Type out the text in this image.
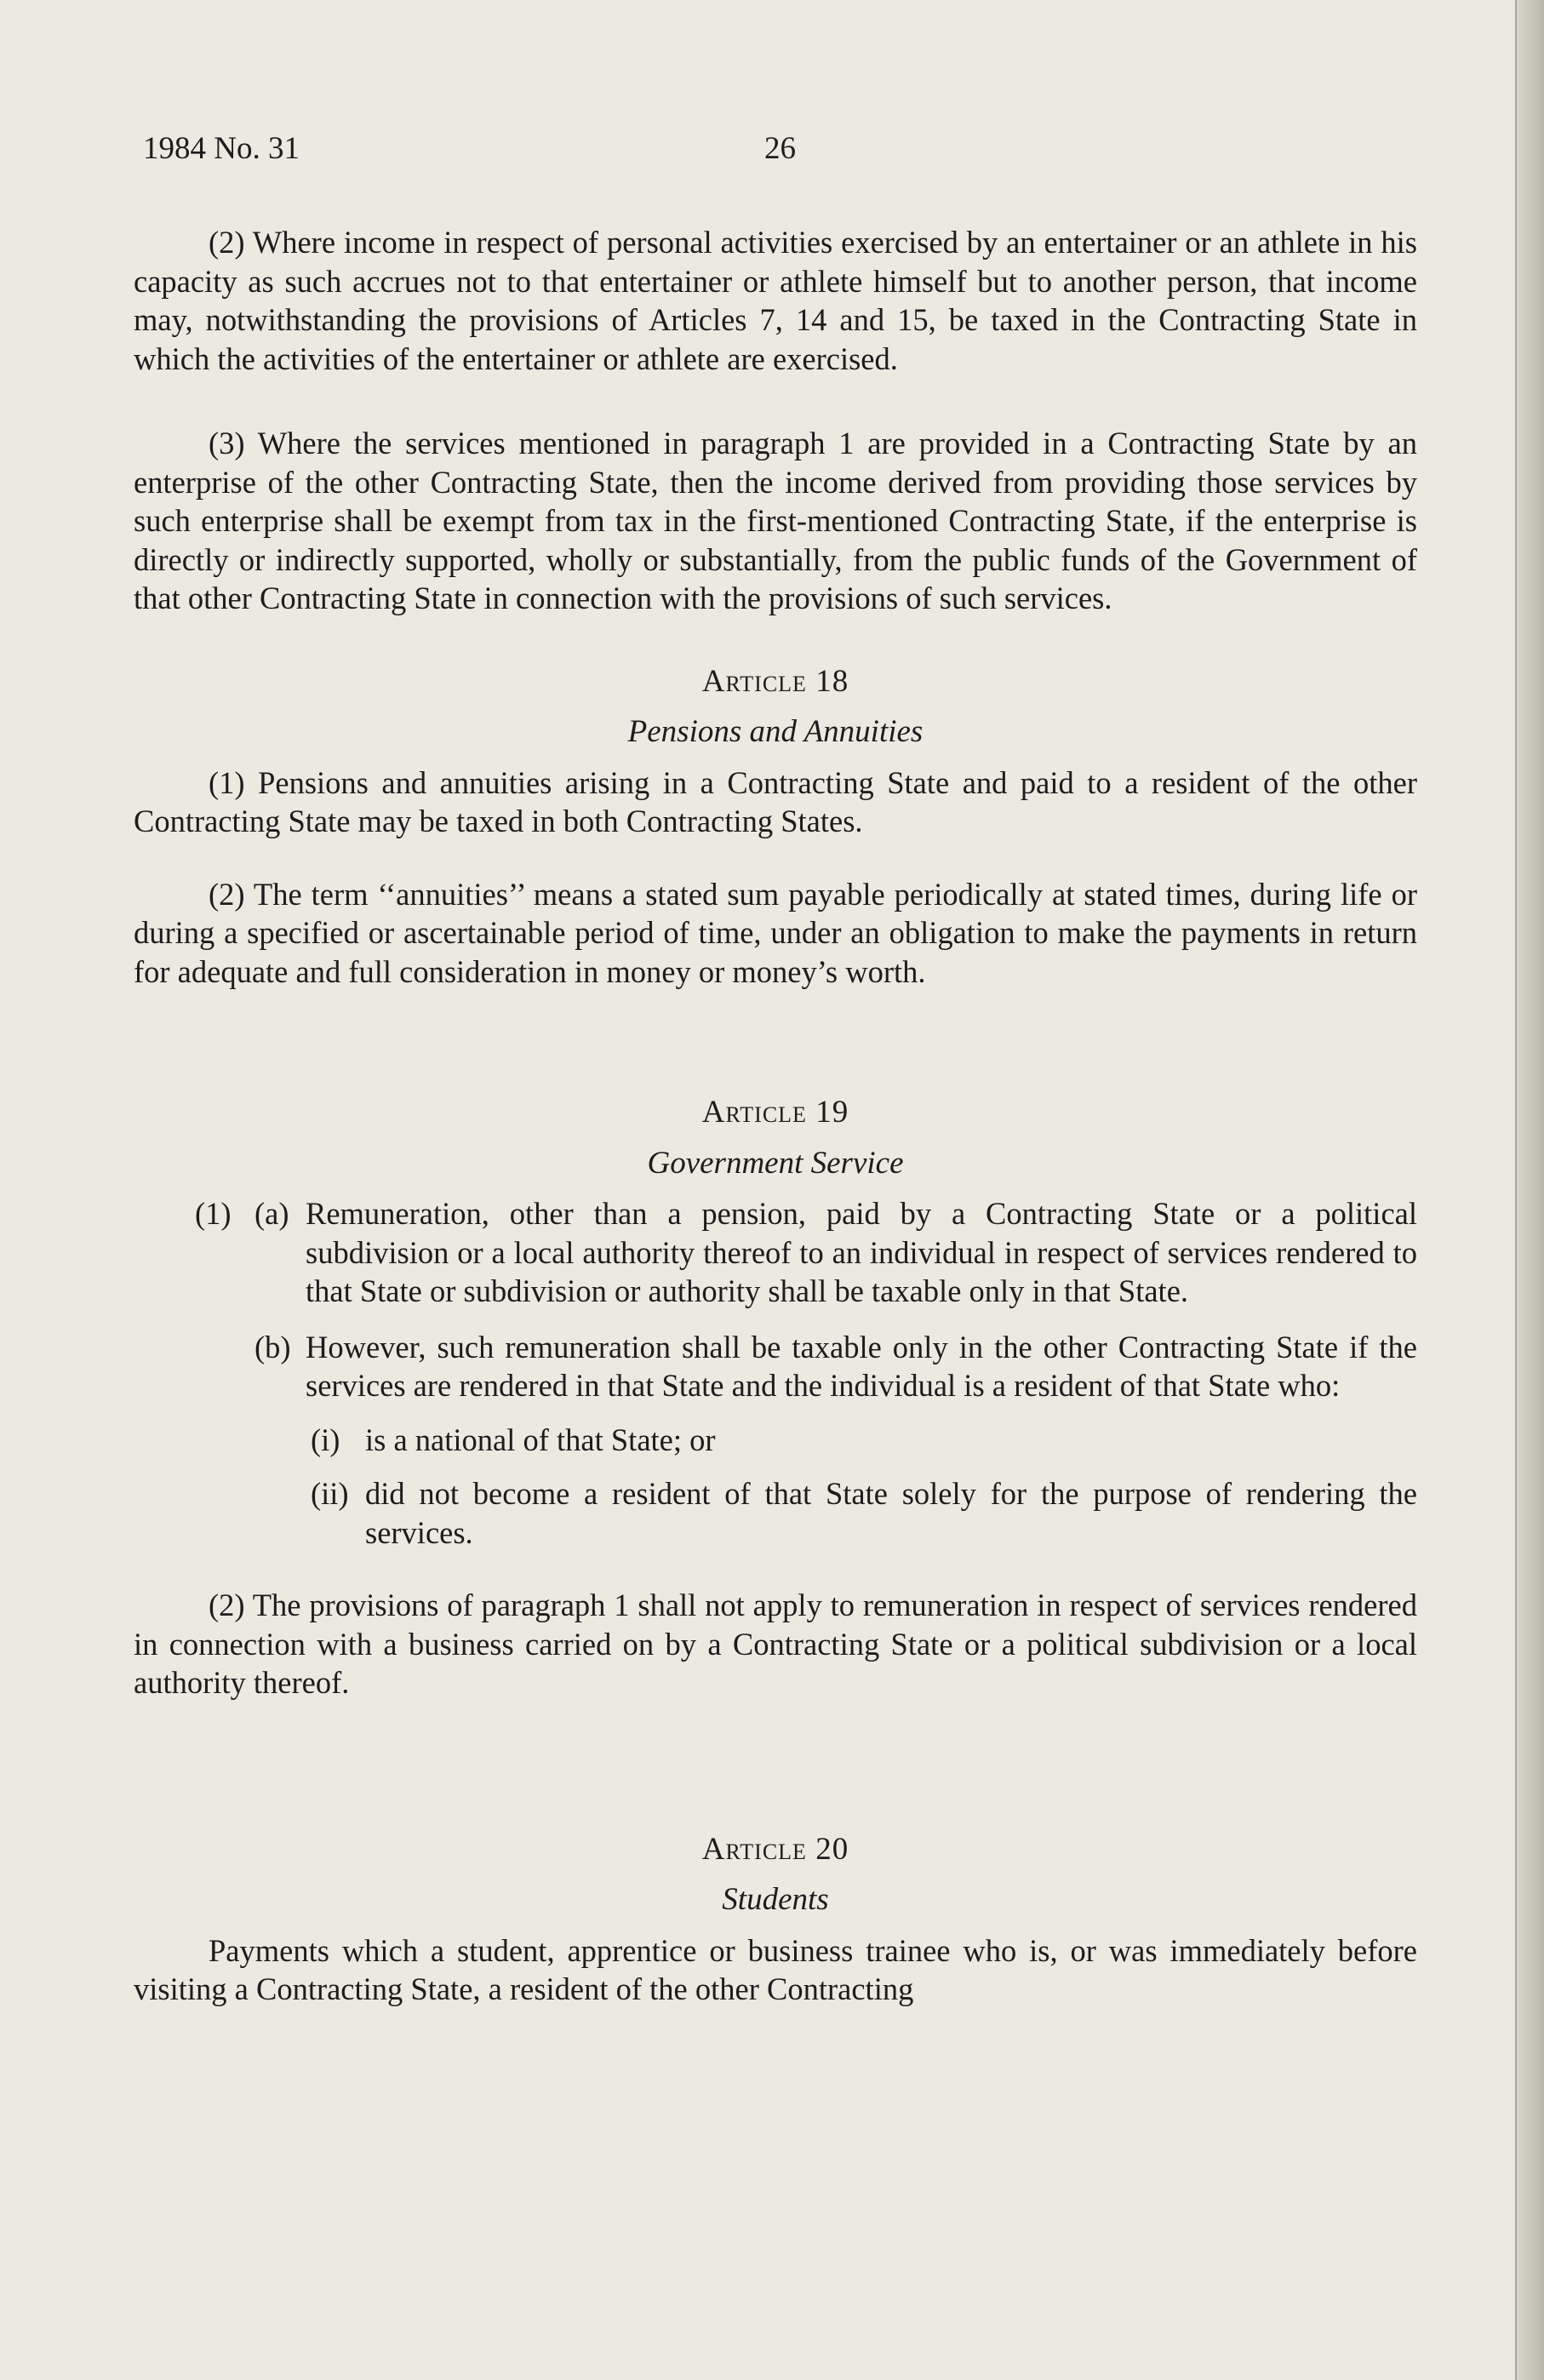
1984 No. 31	26

(2) Where income in respect of personal activities exercised by an entertainer or an athlete in his capacity as such accrues not to that entertainer or athlete himself but to another person, that income may, notwithstanding the provisions of Articles 7, 14 and 15, be taxed in the Contracting State in which the activities of the entertainer or athlete are exercised.

(3) Where the services mentioned in paragraph 1 are provided in a Contracting State by an enterprise of the other Contracting State, then the income derived from providing those services by such enterprise shall be exempt from tax in the first-mentioned Contracting State, if the enterprise is directly or indirectly supported, wholly or substantially, from the public funds of the Government of that other Contracting State in connection with the provisions of such services.

Article 18

Pensions and Annuities

(1) Pensions and annuities arising in a Contracting State and paid to a resident of the other Contracting State may be taxed in both Contracting States.

(2) The term ‘‘annuities’’ means a stated sum payable periodically at stated times, during life or during a specified or ascertainable period of time, under an obligation to make the payments in return for adequate and full consideration in money or money’s worth.

Article 19

Government Service

(1) (a) Remuneration, other than a pension, paid by a Contracting State or a political subdivision or a local authority thereof to an individual in respect of services rendered to that State or subdivision or authority shall be taxable only in that State.
(b) However, such remuneration shall be taxable only in the other Contracting State if the services are rendered in that State and the individual is a resident of that State who:
(i) is a national of that State; or
(ii) did not become a resident of that State solely for the purpose of rendering the services.

(2) The provisions of paragraph 1 shall not apply to remuneration in respect of services rendered in connection with a business carried on by a Contracting State or a political subdivision or a local authority thereof.

Article 20

Students

Payments which a student, apprentice or business trainee who is, or was immediately before visiting a Contracting State, a resident of the other Contracting
